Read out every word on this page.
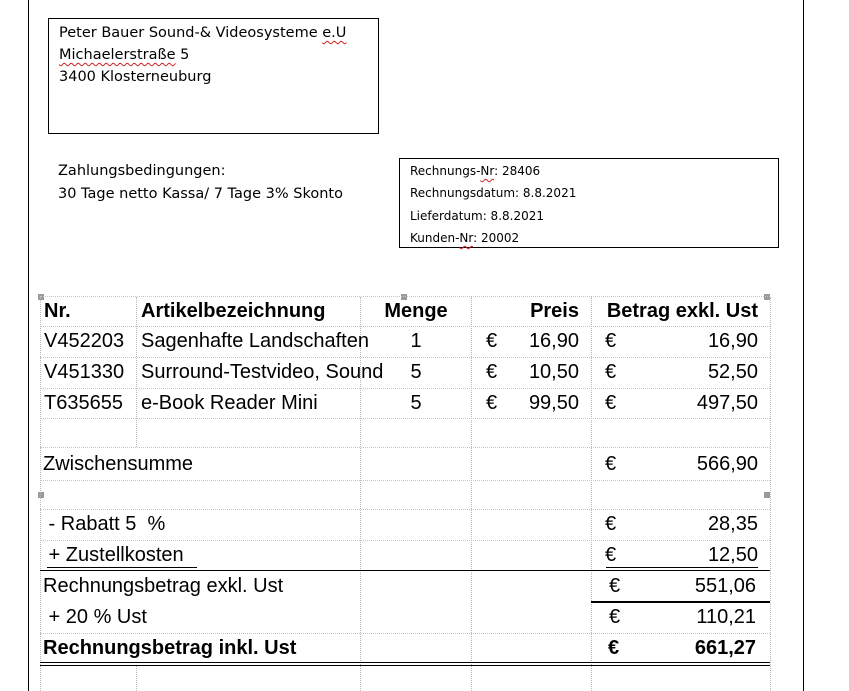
Peter Bauer Sound-& Videosysteme e.U
Michaelerstraße 5
3400 Klosterneuburg
Zahlungsbedingungen:
30 Tage netto Kassa/ 7 Tage 3% Skonto
Rechnungs-Nr: 28406
Rechnungsdatum: 8.8.2021
Lieferdatum: 8.8.2021
Kunden-Nr: 20002
Nr.	Artikelbezeichnung	Menge	Preis	Betrag exkl. Ust
V452203 Sagenhafte Landschaften	1	€	16,90 €	16,90
V451330 Surround-Testvideo, Sound	5	€	10,50 €	52,50
T635655 e-Book Reader Mini	5	€	99,50 €	497,50
Zwischensumme	€	566,90
- Rabatt 5  %	€	28,35
+ Zustellkosten	€	12,50
Rechnungsbetrag exkl. Ust	€	551,06
+ 20 % Ust	€	110,21
Rechnungsbetrag inkl. Ust	€	661,27
